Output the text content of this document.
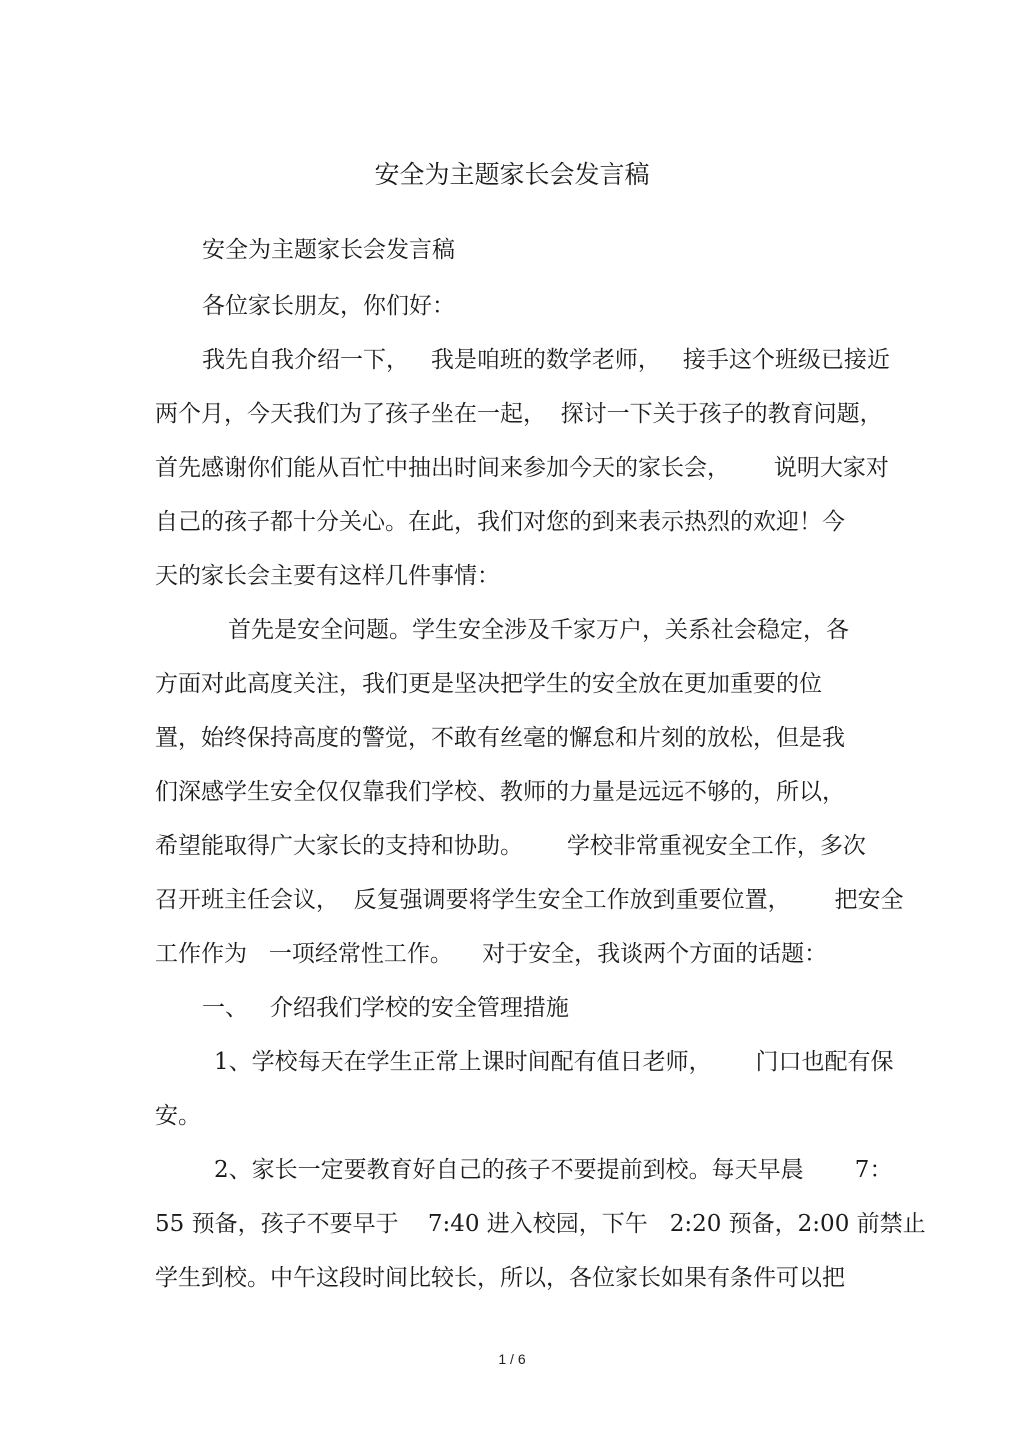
安全为主题家长会发言稿
安全为主题家长会发言稿
各位家长朋友，你们好：
我先自我介绍一下，   我是咱班的数学老师，   接手这个班级已接近
两个月，今天我们为了孩子坐在一起，  探讨一下关于孩子的教育问题，
首先感谢你们能从百忙中抽出时间来参加今天的家长会，      说明大家对
自己的孩子都十分关心。在此，我们对您的到来表示热烈的欢迎！今
天的家长会主要有这样几件事情：
首先是安全问题。学生安全涉及千家万户，关系社会稳定，各
方面对此高度关注，我们更是坚决把学生的安全放在更加重要的位
置，始终保持高度的警觉，不敢有丝毫的懈怠和片刻的放松，但是我
们深感学生安全仅仅靠我们学校、教师的力量是远远不够的，所以，
希望能取得广大家长的支持和协助。      学校非常重视安全工作，多次
召开班主任会议，  反复强调要将学生安全工作放到重要位置，      把安全
工作作为   一项经常性工作。    对于安全，我谈两个方面的话题：
一、   介绍我们学校的安全管理措施
1、学校每天在学生正常上课时间配有值日老师，      门口也配有保
安。
2、家长一定要教育好自己的孩子不要提前到校。每天早晨       7：
55 预备，孩子不要早于    7:40 进入校园，下午   2:20 预备，2:00 前禁止
学生到校。中午这段时间比较长，所以，各位家长如果有条件可以把
1 / 6
